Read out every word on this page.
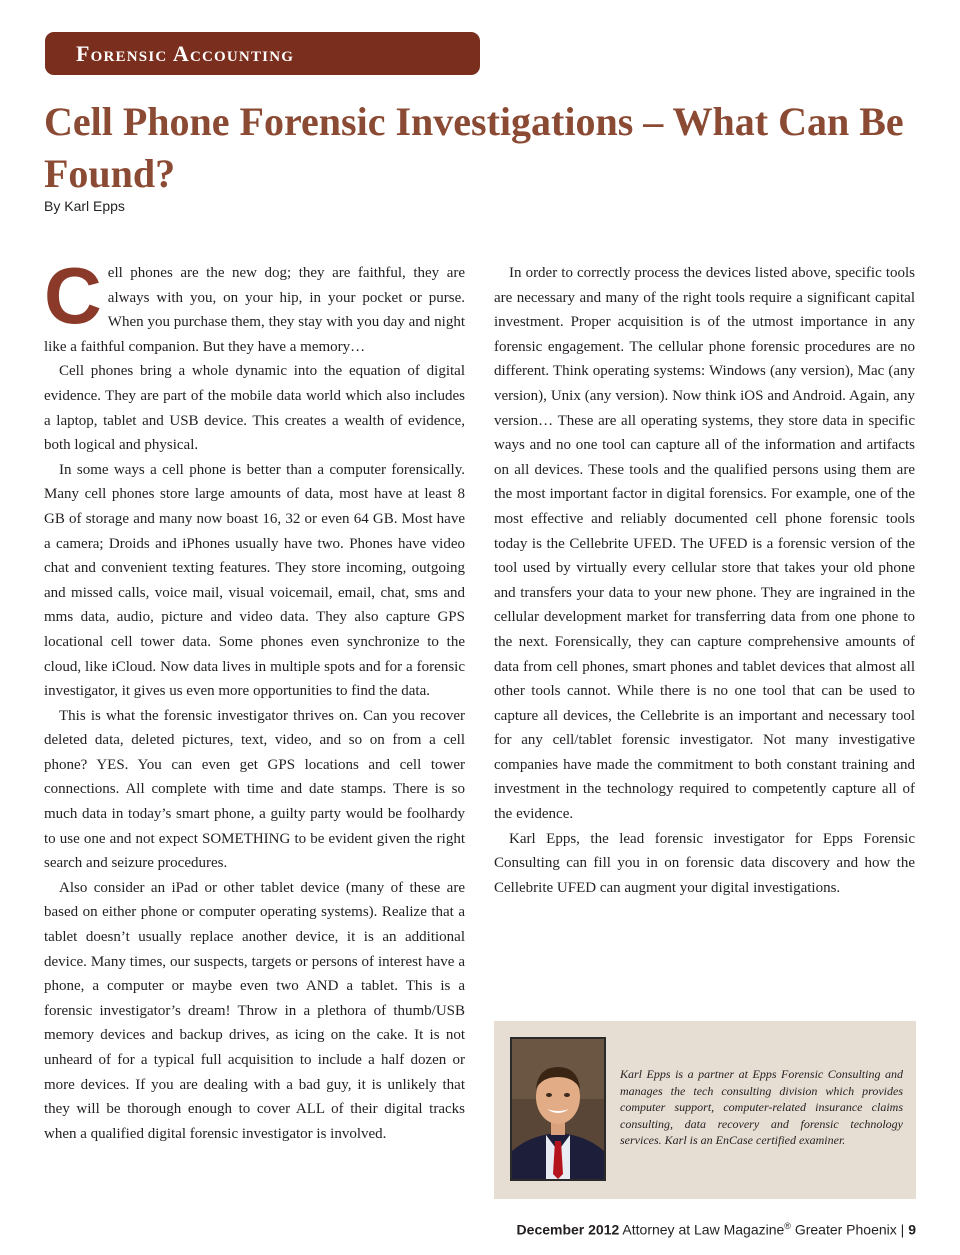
Forensic Accounting
Cell Phone Forensic Investigations – What Can Be Found?
By Karl Epps

Cell phones are the new dog; they are faithful, they are always with you, on your hip, in your pocket or purse. When you purchase them, they stay with you day and night like a faithful companion. But they have a memory…

Cell phones bring a whole dynamic into the equation of digital evidence. They are part of the mobile data world which also includes a laptop, tablet and USB device. This creates a wealth of evidence, both logical and physical.

In some ways a cell phone is better than a computer forensically. Many cell phones store large amounts of data, most have at least 8 GB of storage and many now boast 16, 32 or even 64 GB. Most have a camera; Droids and iPhones usually have two. Phones have video chat and convenient texting features. They store incoming, outgoing and missed calls, voice mail, visual voicemail, email, chat, sms and mms data, audio, picture and video data. They also capture GPS locational cell tower data. Some phones even synchronize to the cloud, like iCloud. Now data lives in multiple spots and for a forensic investigator, it gives us even more opportunities to find the data.

This is what the forensic investigator thrives on. Can you recover deleted data, deleted pictures, text, video, and so on from a cell phone? YES. You can even get GPS locations and cell tower connections. All complete with time and date stamps. There is so much data in today’s smart phone, a guilty party would be foolhardy to use one and not expect SOMETHING to be evident given the right search and seizure procedures.

Also consider an iPad or other tablet device (many of these are based on either phone or computer operating systems). Realize that a tablet doesn’t usually replace another device, it is an additional device. Many times, our suspects, targets or persons of interest have a phone, a computer or maybe even two AND a tablet. This is a forensic investigator’s dream! Throw in a plethora of thumb/USB memory devices and backup drives, as icing on the cake. It is not unheard of for a typical full acquisition to include a half dozen or more devices. If you are dealing with a bad guy, it is unlikely that they will be thorough enough to cover ALL of their digital tracks when a qualified digital forensic investigator is involved.

In order to correctly process the devices listed above, specific tools are necessary and many of the right tools require a significant capital investment. Proper acquisition is of the utmost importance in any forensic engagement. The cellular phone forensic procedures are no different. Think operating systems: Windows (any version), Mac (any version), Unix (any version). Now think iOS and Android. Again, any version… These are all operating systems, they store data in specific ways and no one tool can capture all of the information and artifacts on all devices. These tools and the qualified persons using them are the most important factor in digital forensics. For example, one of the most effective and reliably documented cell phone forensic tools today is the Cellebrite UFED. The UFED is a forensic version of the tool used by virtually every cellular store that takes your old phone and transfers your data to your new phone. They are ingrained in the cellular development market for transferring data from one phone to the next. Forensically, they can capture comprehensive amounts of data from cell phones, smart phones and tablet devices that almost all other tools cannot. While there is no one tool that can be used to capture all devices, the Cellebrite is an important and necessary tool for any cell/tablet forensic investigator. Not many investigative companies have made the commitment to both constant training and investment in the technology required to competently capture all of the evidence.

Karl Epps, the lead forensic investigator for Epps Forensic Consulting can fill you in on forensic data discovery and how the Cellebrite UFED can augment your digital investigations.

Karl Epps is a partner at Epps Forensic Consulting and manages the tech consulting division which provides computer support, computer-related insurance claims consulting, data recovery and forensic technology services. Karl is an EnCase certified examiner.
December 2012 Attorney at Law Magazine® Greater Phoenix | 9
